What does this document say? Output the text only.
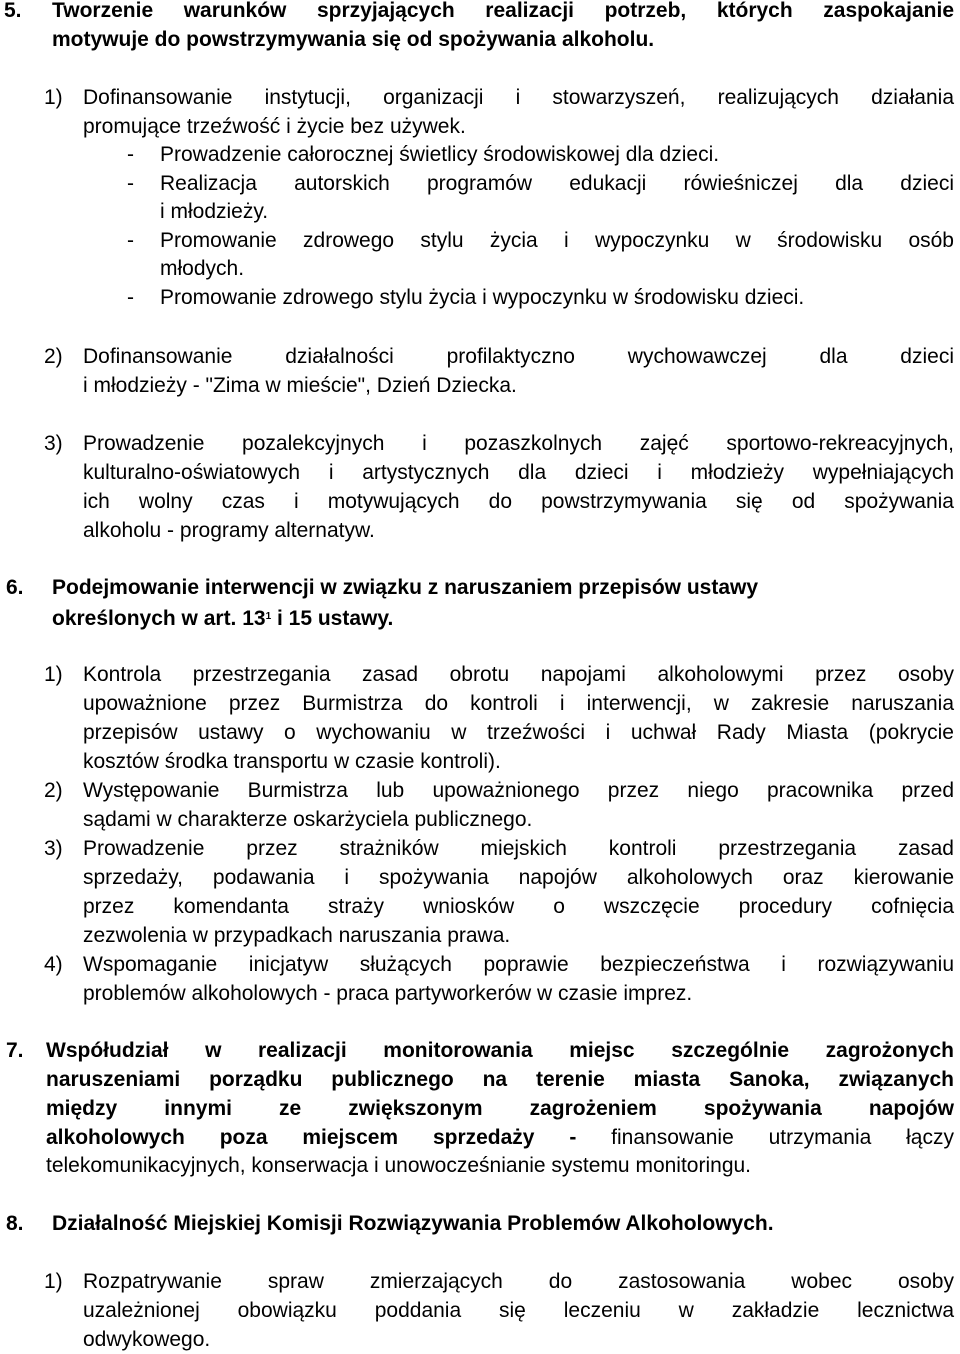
5. Tworzenie warunków sprzyjających realizacji potrzeb, których zaspokajanie
motywuje do powstrzymywania się od spożywania alkoholu.
1) Dofinansowanie instytucji, organizacji i stowarzyszeń, realizujących działania
promujące trzeźwość i życie bez używek.
- Prowadzenie całorocznej świetlicy środowiskowej dla dzieci.
- Realizacja autorskich programów edukacji rówieśniczej dla dzieci
i młodzieży.
- Promowanie zdrowego stylu życia i wypoczynku w środowisku osób
młodych.
- Promowanie zdrowego stylu życia i wypoczynku w środowisku dzieci.
2) Dofinansowanie działalności profilaktyczno wychowawczej dla dzieci
i młodzieży - "Zima w mieście", Dzień Dziecka.
3) Prowadzenie pozalekcyjnych i pozaszkolnych zajęć sportowo-rekreacyjnych,
kulturalno-oświatowych i artystycznych dla dzieci i młodzieży wypełniających
ich wolny czas i motywujących do powstrzymywania się od spożywania
alkoholu - programy alternatyw.
6. Podejmowanie interwencji w związku z naruszaniem przepisów ustawy
określonych w art. $13^1$ i 15 ustawy.
1) Kontrola przestrzegania zasad obrotu napojami alkoholowymi przez osoby
upoważnione przez Burmistrza do kontroli i interwencji, w zakresie naruszania
przepisów ustawy o wychowaniu w trzeźwości i uchwał Rady Miasta (pokrycie
kosztów środka transportu w czasie kontroli).
2) Występowanie Burmistrza lub upoważnionego przez niego pracownika przed
sądami w charakterze oskarżyciela publicznego.
3) Prowadzenie przez strażników miejskich kontroli przestrzegania zasad
sprzedaży, podawania i spożywania napojów alkoholowych oraz kierowanie
przez komendanta straży wniosków o wszczęcie procedury cofnięcia
zezwolenia w przypadkach naruszania prawa.
4) Wspomaganie inicjatyw służących poprawie bezpieczeństwa i rozwiązywaniu
problemów alkoholowych - praca partyworkerów w czasie imprez.
7. Współudział w realizacji monitorowania miejsc szczególnie zagrożonych
naruszeniami porządku publicznego na terenie miasta Sanoka, związanych
między innymi ze zwiększonym zagrożeniem spożywania napojów
alkoholowych poza miejscem sprzedaży - finansowanie utrzymania łączy
telekomunikacyjnych, konserwacja i unowocześnianie systemu monitoringu.
8. Działalność Miejskiej Komisji Rozwiązywania Problemów Alkoholowych.
1) Rozpatrywanie spraw zmierzających do zastosowania wobec osoby
uzależnionej obowiązku poddania się leczeniu w zakładzie lecznictwa
odwykowego.
